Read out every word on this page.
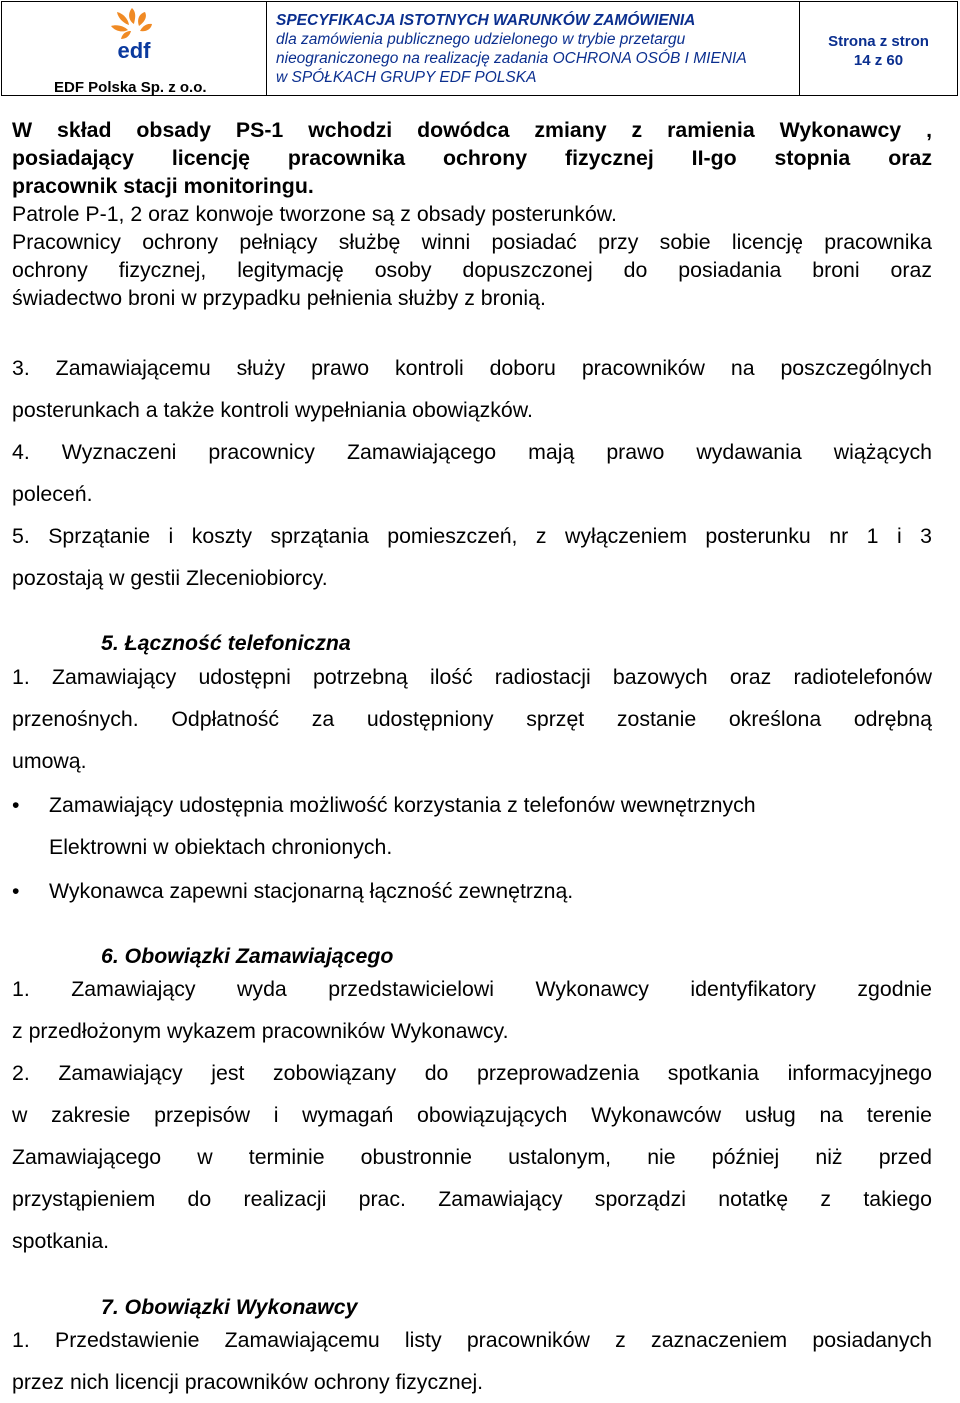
edf
EDF Polska Sp. z o.o.
SPECYFIKACJA ISTOTNYCH WARUNKÓW ZAMÓWIENIA
dla zamówienia publicznego udzielonego w trybie przetargu
nieograniczonego na realizację zadania OCHRONA OSÓB I MIENIA
w SPÓŁKACH GRUPY EDF POLSKA
Strona z stron
14 z 60
W skład obsady PS-1 wchodzi dowódca zmiany z ramienia Wykonawcy ,
posiadający licencję pracownika ochrony fizycznej II-go stopnia oraz
pracownik stacji monitoringu.
Patrole P-1, 2 oraz konwoje tworzone są z obsady posterunków.
Pracownicy ochrony pełniący służbę winni posiadać przy sobie licencję pracownika
ochrony fizycznej, legitymację osoby dopuszczonej do posiadania broni oraz
świadectwo broni w przypadku pełnienia służby z bronią.
3. Zamawiającemu służy prawo kontroli doboru pracowników na poszczególnych
posterunkach a także kontroli wypełniania obowiązków.
4. Wyznaczeni pracownicy Zamawiającego mają prawo wydawania wiążących
poleceń.
5. Sprzątanie i koszty sprzątania pomieszczeń, z wyłączeniem posterunku nr 1 i 3
pozostają w gestii Zleceniobiorcy.
5. Łączność telefoniczna
1. Zamawiający udostępni potrzebną ilość radiostacji bazowych oraz radiotelefonów
przenośnych. Odpłatność za udostępniony sprzęt zostanie określona odrębną
umową.
• Zamawiający udostępnia możliwość korzystania z telefonów wewnętrznych
Elektrowni w obiektach chronionych.
• Wykonawca zapewni stacjonarną łączność zewnętrzną.
6. Obowiązki Zamawiającego
1. Zamawiający wyda przedstawicielowi Wykonawcy identyfikatory zgodnie
z przedłożonym wykazem pracowników Wykonawcy.
2. Zamawiający jest zobowiązany do przeprowadzenia spotkania informacyjnego
w zakresie przepisów i wymagań obowiązujących Wykonawców usług na terenie
Zamawiającego w terminie obustronnie ustalonym, nie później niż przed
przystąpieniem do realizacji prac. Zamawiający sporządzi notatkę z takiego
spotkania.
7. Obowiązki Wykonawcy
1. Przedstawienie Zamawiającemu listy pracowników z zaznaczeniem posiadanych
przez nich licencji pracowników ochrony fizycznej.
